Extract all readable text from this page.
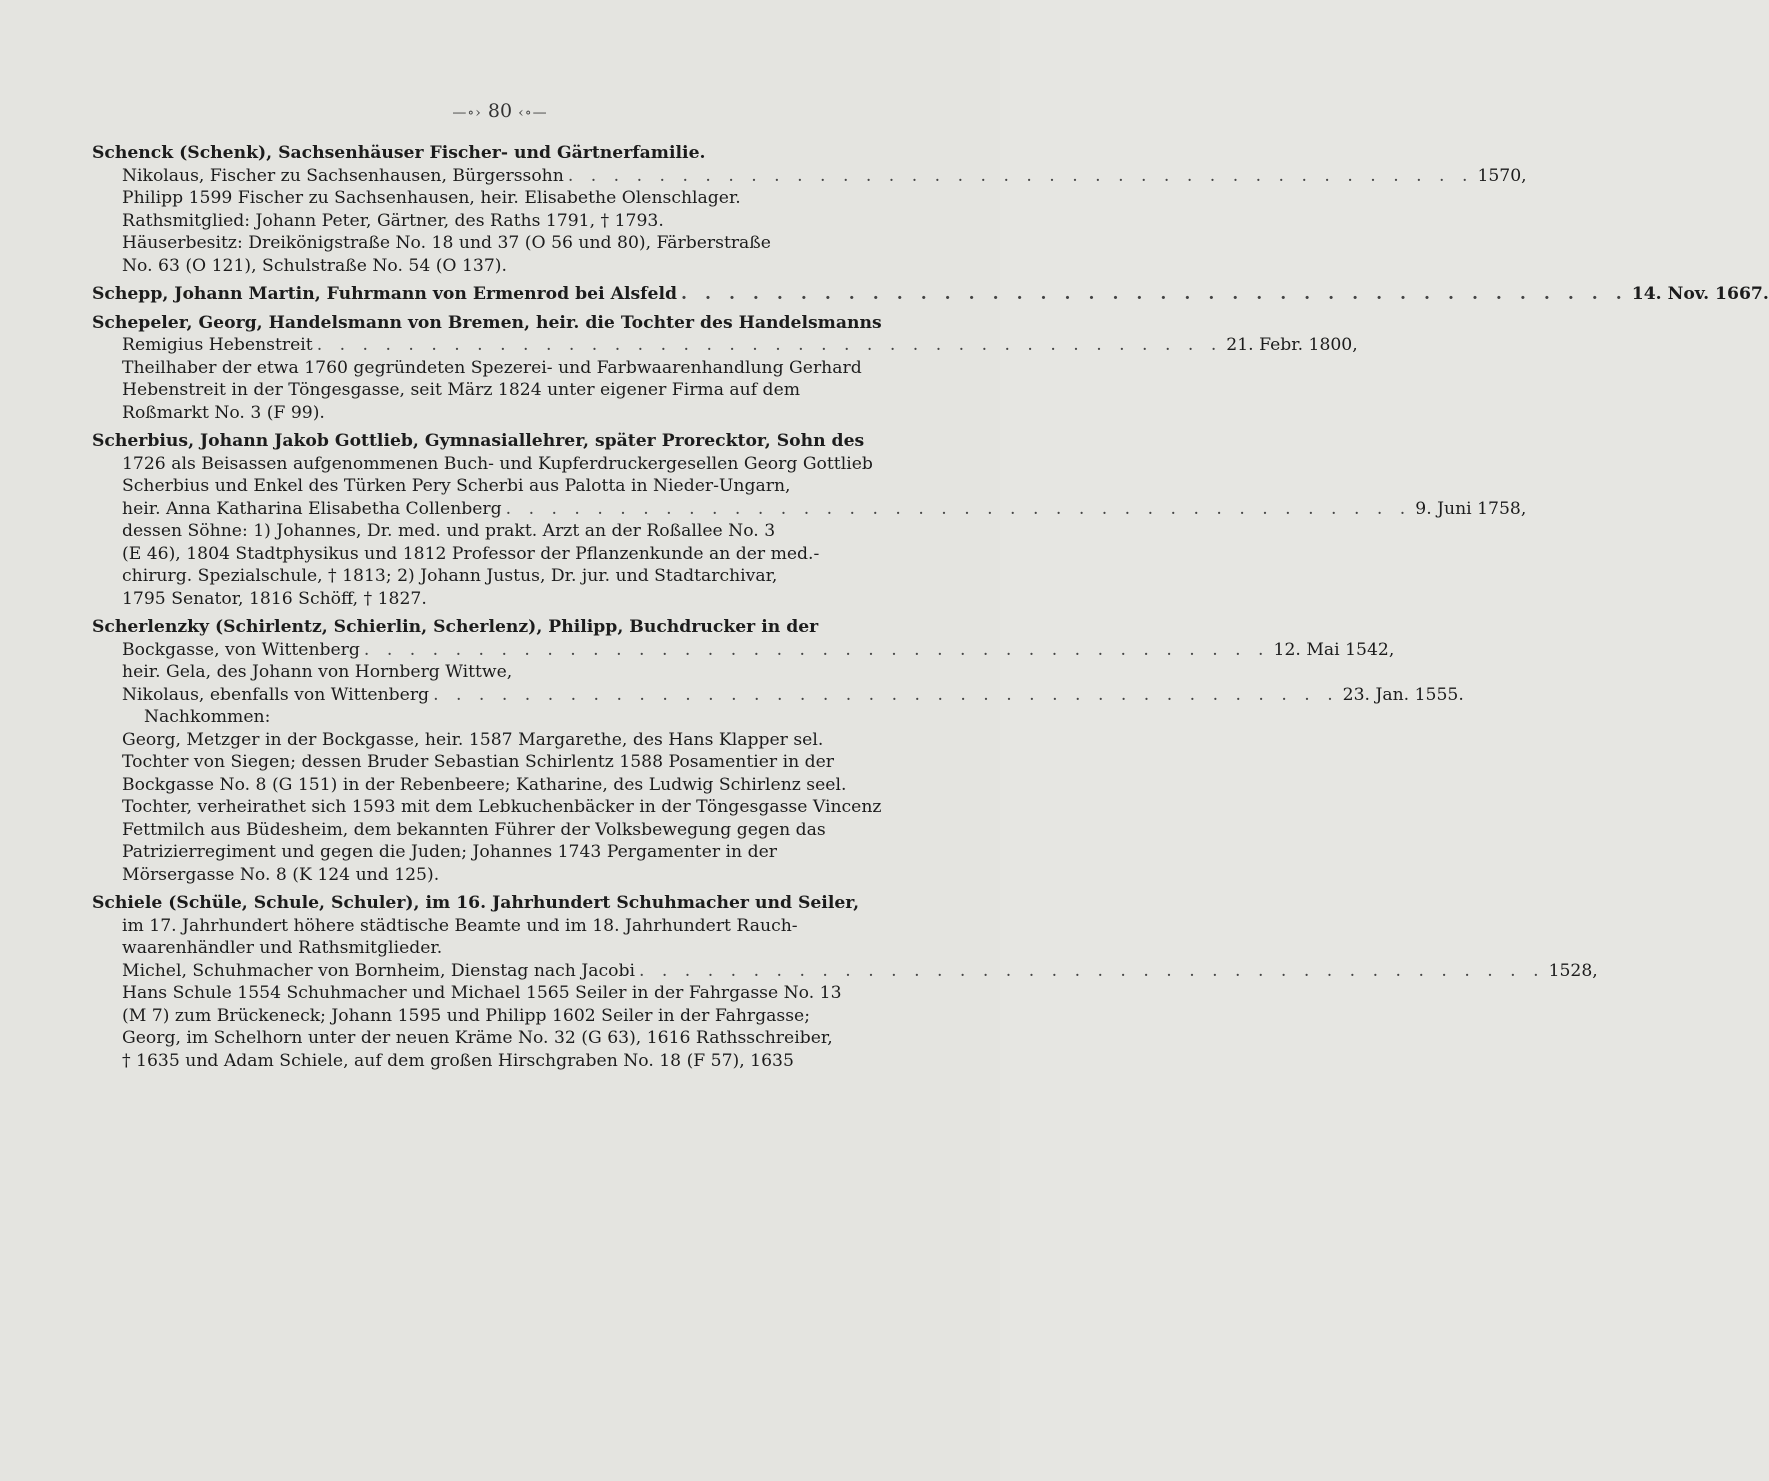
—∘› 80 ‹∘—
Schenck (Schenk), Sachsenhäuser Fischer- und Gärtnerfamilie.
Nikolaus, Fischer zu Sachsenhausen, Bürgerssohn . . . . . . . . . . . . . . . . . . . . . . . . . . . . . . . . . . . . . . . . 1570,
Philipp 1599 Fischer zu Sachsenhausen, heir. Elisabethe Olenschlager.
Rathsmitglied: Johann Peter, Gärtner, des Raths 1791, † 1793.
Häuserbesitz: Dreikönigstraße No. 18 und 37 (O 56 und 80), Färberstraße
No. 63 (O 121), Schulstraße No. 54 (O 137).
Schepp, Johann Martin, Fuhrmann von Ermenrod bei Alsfeld . . . . . . . . . . . . . . . . . . . . . . . . . . . . . . . . . . . . . . . . 14. Nov. 1667.
Schepeler, Georg, Handelsmann von Bremen, heir. die Tochter des Handelsmanns
Remigius Hebenstreit . . . . . . . . . . . . . . . . . . . . . . . . . . . . . . . . . . . . . . . . 21. Febr. 1800,
Theilhaber der etwa 1760 gegründeten Spezerei- und Farbwaarenhandlung Gerhard
Hebenstreit in der Töngesgasse, seit März 1824 unter eigener Firma auf dem
Roßmarkt No. 3 (F 99).
Scherbius, Johann Jakob Gottlieb, Gymnasiallehrer, später Prorecktor, Sohn des
1726 als Beisassen aufgenommenen Buch- und Kupferdruckergesellen Georg Gottlieb
Scherbius und Enkel des Türken Pery Scherbi aus Palotta in Nieder-Ungarn,
heir. Anna Katharina Elisabetha Collenberg . . . . . . . . . . . . . . . . . . . . . . . . . . . . . . . . . . . . . . . . 9. Juni 1758,
dessen Söhne: 1) Johannes, Dr. med. und prakt. Arzt an der Roßallee No. 3
(E 46), 1804 Stadtphysikus und 1812 Professor der Pflanzenkunde an der med.-
chirurg. Spezialschule, † 1813; 2) Johann Justus, Dr. jur. und Stadtarchivar,
1795 Senator, 1816 Schöff, † 1827.
Scherlenzky (Schirlentz, Schierlin, Scherlenz), Philipp, Buchdrucker in der
Bockgasse, von Wittenberg . . . . . . . . . . . . . . . . . . . . . . . . . . . . . . . . . . . . . . . . 12. Mai 1542,
heir. Gela, des Johann von Hornberg Wittwe,
Nikolaus, ebenfalls von Wittenberg . . . . . . . . . . . . . . . . . . . . . . . . . . . . . . . . . . . . . . . . 23. Jan. 1555.
Nachkommen:
Georg, Metzger in der Bockgasse, heir. 1587 Margarethe, des Hans Klapper sel.
Tochter von Siegen; dessen Bruder Sebastian Schirlentz 1588 Posamentier in der
Bockgasse No. 8 (G 151) in der Rebenbeere; Katharine, des Ludwig Schirlenz seel.
Tochter, verheirathet sich 1593 mit dem Lebkuchenbäcker in der Töngesgasse Vincenz
Fettmilch aus Büdesheim, dem bekannten Führer der Volksbewegung gegen das
Patrizierregiment und gegen die Juden; Johannes 1743 Pergamenter in der
Mörsergasse No. 8 (K 124 und 125).
Schiele (Schüle, Schule, Schuler), im 16. Jahrhundert Schuhmacher und Seiler,
im 17. Jahrhundert höhere städtische Beamte und im 18. Jahrhundert Rauch-
waarenhändler und Rathsmitglieder.
Michel, Schuhmacher von Bornheim, Dienstag nach Jacobi . . . . . . . . . . . . . . . . . . . . . . . . . . . . . . . . . . . . . . . . 1528,
Hans Schule 1554 Schuhmacher und Michael 1565 Seiler in der Fahrgasse No. 13
(M 7) zum Brückeneck; Johann 1595 und Philipp 1602 Seiler in der Fahrgasse;
Georg, im Schelhorn unter der neuen Kräme No. 32 (G 63), 1616 Rathsschreiber,
† 1635 und Adam Schiele, auf dem großen Hirschgraben No. 18 (F 57), 1635
